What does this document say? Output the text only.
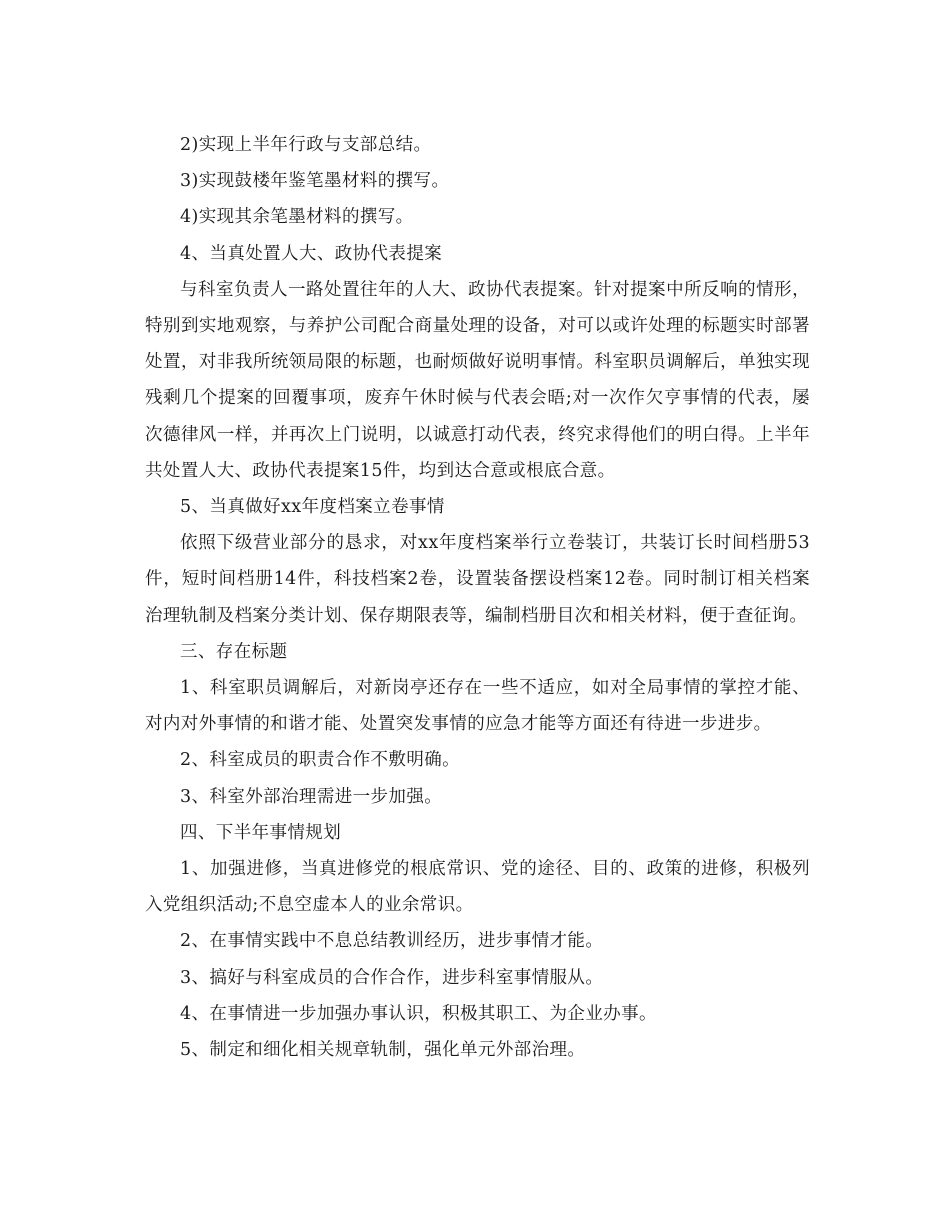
2)实现上半年行政与支部总结。

3)实现鼓楼年鉴笔墨材料的撰写。

4)实现其余笔墨材料的撰写。

4、当真处置人大、政协代表提案

与科室负责人一路处置往年的人大、政协代表提案。针对提案中所反响的情形，特别到实地观察，与养护公司配合商量处理的设备，对可以或许处理的标题实时部署处置，对非我所统领局限的标题，也耐烦做好说明事情。科室职员调解后，单独实现残剩几个提案的回覆事项，废弃午休时候与代表会晤;对一次作欠亨事情的代表，屡次德律风一样，并再次上门说明，以诚意打动代表，终究求得他们的明白得。上半年共处置人大、政协代表提案15件，均到达合意或根底合意。

5、当真做好xx年度档案立卷事情

依照下级营业部分的恳求，对xx年度档案举行立卷装订，共装订长时间档册53件，短时间档册14件，科技档案2卷，设置装备摆设档案12卷。同时制订相关档案治理轨制及档案分类计划、保存期限表等，编制档册目次和相关材料，便于查征询。

三、存在标题

1、科室职员调解后，对新岗亭还存在一些不适应，如对全局事情的掌控才能、对内对外事情的和谐才能、处置突发事情的应急才能等方面还有待进一步进步。

2、科室成员的职责合作不敷明确。

3、科室外部治理需进一步加强。

四、下半年事情规划

1、加强进修，当真进修党的根底常识、党的途径、目的、政策的进修，积极列入党组织活动;不息空虚本人的业余常识。

2、在事情实践中不息总结教训经历，进步事情才能。

3、搞好与科室成员的合作合作，进步科室事情服从。

4、在事情进一步加强办事认识，积极其职工、为企业办事。

5、制定和细化相关规章轨制，强化单元外部治理。
